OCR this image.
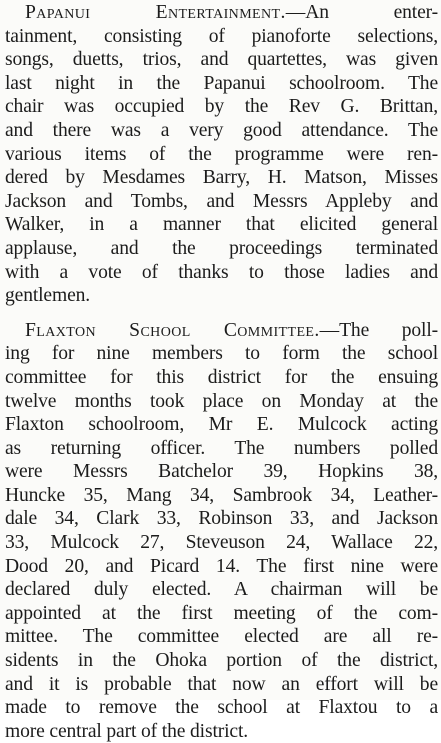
Papanui Entertainment.—An enter-
tainment, consisting of pianoforte selections,
songs, duetts, trios, and quartettes, was given
last night in the Papanui schoolroom. The
chair was occupied by the Rev G. Brittan,
and there was a very good attendance. The
various items of the programme were ren-
dered by Mesdames Barry, H. Matson, Misses
Jackson and Tombs, and Messrs Appleby and
Walker, in a manner that elicited general
applause, and the proceedings terminated
with a vote of thanks to those ladies and
gentlemen.

Flaxton School Committee.—The poll-
ing for nine members to form the school
committee for this district for the ensuing
twelve months took place on Monday at the
Flaxton schoolroom, Mr E. Mulcock acting
as returning officer. The numbers polled
were Messrs Batchelor 39, Hopkins 38,
Huncke 35, Mang 34, Sambrook 34, Leather-
dale 34, Clark 33, Robinson 33, and Jackson
33, Mulcock 27, Steveuson 24, Wallace 22,
Dood 20, and Picard 14. The first nine were
declared duly elected. A chairman will be
appointed at the first meeting of the com-
mittee. The committee elected are all re-
sidents in the Ohoka portion of the district,
and it is probable that now an effort will be
made to remove the school at Flaxtou to a
more central part of the district.
